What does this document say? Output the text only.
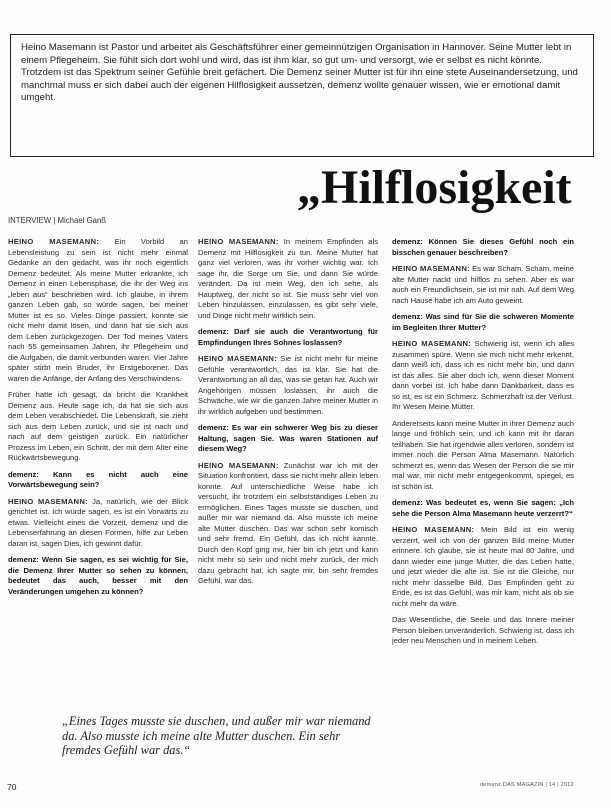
Heino Masemann ist Pastor und arbeitet als Geschäftsführer einer gemeinnützigen Organisation in Hannover. Seine Mutter lebt in einem Pflegeheim. Sie fühlt sich dort wohl und wird, das ist ihm klar, so gut um- und versorgt, wie er selbst es nicht könnte. Trotzdem ist das Spektrum seiner Gefühle breit gefächert. Die Demenz seiner Mutter ist für ihn eine stete Auseinandersetzung, und manchmal muss er sich dabei auch der eigenen Hilflosigkeit aussetzen, demenz wollte genauer wissen, wie er emotional damit umgeht.
„Hilflosigkeit
INTERVIEW | Michael Ganß

HEINO MASEMANN: Ein Vorbild an Lebensleistung zu sein ist nicht mehr einmal Gedanke an den gedacht, was ihr noch eigentlich Demenz bedeutet. Als meine Mutter erkrankte, ich Demenz in einen Lebensphase, die ihr der Weg ins „leben aus“ beschrieben wird. Ich glaube, in ihrem ganzen Leben gab, so würde sagen, bei meiner Mutter ist es so. Vieles Dinge passiert, konnte sie nicht mehr damit lösen, und dann hat sie sich aus dem Leben zurückgezogen. Der Tod meines Vaters nach 55 gemeinsamen Jahren, ihr Pflegeheim und die Aufgaben, die damit verbunden waren. Vier Jahre später stirbt mein Bruder, ihr Erstgeborener. Das waren die Anfänge, der Anfang des Verschwindens.

Früher hatte ich gesagt, da bricht die Krankheit Demenz aus. Heute sage ich, da hat sie sich aus dem Leben verabschiedet. Die Lebenskraft, sie zieht sich aus dem Leben zurück, und sie ist nach und nach auf dem geistigen zurück. Ein natürlicher Prozess im Leben, ein Schritt, der mit dem Alter eine Rückwärtsbewegung.

demenz: Kann es nicht auch eine Vorwärtsbewegung sein?

HEINO MASEMANN: Ja, natürlich, wie der Blick gerichtet ist. Ich würde sagen, es ist ein Vorwärts zu etwas. Vielleicht eines die Vorzeit, demenz und die Lebenserfahrung an diesen Formen, hilfe zur Leben daran ist, sagen Dies, ich gewinnt dafür.

demenz: Wenn Sie sagen, es sei wichtig für Sie, die Demenz Ihrer Mutter so sehen zu können, bedeutet das auch, besser mit den Veränderungen umgehen zu können?

HEINO MASEMANN: In meinem Empfinden als Demenz mit Hilflosigkeit zu tun. Meine Mutter hat ganz viel verloren, was ihr vorher wichtig war. Ich sage ihr, die Sorge um Sie, und dann Sie würde verändert. Da ist mein Weg, den ich sehe, als Hauptweg, der nicht so ist. Sie muss sehr viel von Leben hinzulassen, einzulassen, es gibt sehr viele, und Dinge nicht mehr wirklich sein.

demenz: Darf sie auch die Verantwortung für Empfindungen Ihres Sohnes loslassen?

HEINO MASEMANN: Sie ist nicht mehr für meine Gefühle verantwortlich, das ist klar. Sie hat die Verantwortung an all das, was sie getan hat. Auch wir Angehörigen müssen loslassen, ihr auch die Schwäche, wie wir die ganzen Jahre meiner Mutter in ihr wirklich aufgeben und bestimmen.

demenz: Es war ein schwerer Weg bis zu dieser Haltung, sagen Sie. Was waren Stationen auf diesem Weg?

HEINO MASEMANN: Zunächst war ich mit der Situation konfrontiert, dass sie nicht mehr allein leben konnte. Auf unterschiedliche Weise habe ich versucht, ihr trotzdem ein selbstständiges Leben zu ermöglichen. Eines Tages musste sie duschen, und außer mir war niemand da. Also musste ich meine alte Mutter duschen. Das war schon sehr komisch und sehr fremd. Ein Gefühl, das ich nicht kannte. Durch den Kopf ging mir, hier bin ich jetzt und kann nicht mehr so sein und nicht mehr zurück, der mich dazu gebracht hat, ich sagte mir, bin sehr fremdes Gefühl, war das.

demenz: Können Sie dieses Gefühl noch ein bisschen genauer beschreiben?

HEINO MASEMANN: Es war Scham. Scham, meine alte Mutter nackt und hilflos zu sehen. Aber es war auch ein Freundlichsein, sie ist mir nah. Auf dem Weg nach Hause habe ich am Auto geweint.

demenz: Was sind für Sie die schweren Momente im Begleiten Ihrer Mutter?

HEINO MASEMANN: Schwierig ist, wenn ich alles zusammen spüre. Wenn sie mich nicht mehr erkennt, dann weiß ich, dass ich es nicht mehr bin, und dann ist das alles. Sie aber doch ich, wenn dieser Moment dann vorbei ist. Ich habe dann Dankbarkeit, dass es so ist, es ist ein Schmerz. Schmerzhaft ist der Verlust. Ihr Wesen Meine Mutter.

Andererseits kann meine Mutter in ihrer Demenz auch lange und fröhlich sein, und ich kann mit ihr daran teilhaben. Sie hat irgendwie alles verloren, sondern ist immer noch die Person Alma Masemann. Natürlich schmerzt es, wenn das Wesen der Person die sie mir mal war, mir nicht mehr entgegenkommt, spiegel, es ist schön ist.

demenz: Was bedeutet es, wenn Sie sagen: „Ich sehe die Person Alma Masemann heute verzerrt?“

HEINO MASEMANN: Mein Bild ist ein wenig verzerrt, weil ich von der ganzen Bild meine Mutter erinnere. Ich glaube, sie ist heute mal 80 Jahre, und dann wieder eine junge Mutter, die das Leben hatte, und jetzt wieder die alte ist. Sie ist die Gleiche, nur nicht mehr dasselbe Bild. Das Empfinden geht zu Ende, es ist das Gefühl, was mir kam, nicht als ob sie nicht mehr da wäre.

Das Wesentliche, die Seele und das Innere meiner Person bleiben unveränderlich. Schwierig ist, dass ich jeder neu Menschen und in meinem Leben.

„Eines Tages musste sie duschen, und außer mir war niemand da. Also musste ich meine alte Mutter duschen. Ein sehr fremdes Gefühl war das.“
70	demenz DAS MAGAZIN | 14 | 2012
